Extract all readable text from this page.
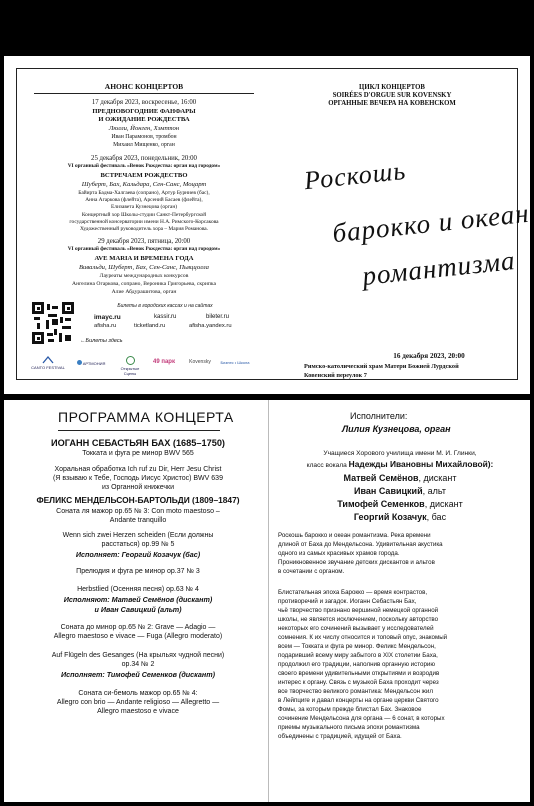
АНОНС КОНЦЕРТОВ
17 декабря 2023, воскресенье, 16:00
ПРЕДНОВОГОДНИЕ ФАНФАРЫ
И ОЖИДАНИЕ РОЖДЕСТВА
Люлли, Йонген, Хэмптон
Иван Парамонов, тромбон
Михаил Мищенко, орган
25 декабря 2023, понедельник, 20:00
VI органный фестиваль «Венок Рождества: орган над городом»
ВСТРЕЧАЕМ РОЖДЕСТВО
Шуберт, Бах, Кальдара, Сен-Санс, Моцарт
Байирта Бадма-Халгаева (сопрано), Артур Бурниев (бас),
Анна Агаркова (флейта), Арсений Басаев (флейта),
Елизавета Кузнецова (орган)
Концертный хор Школы-студии Санкт-Петербургской
государственной консерватории имени Н.А. Римского-Корсакова
Художественный руководитель хора – Мария Романова.
29 декабря 2023, пятница, 20:00
VI органный фестиваль «Венок Рождества: орган над городом»
AVE MARIA И ВРЕМЕНА ГОДА
Вивальди, Шуберт, Бах, Сен-Санс, Пьяццолла
Лауреаты международных конкурсов
Ангелина Огаркова, сопрано, Вероника Григорьева, скрипка
Алие Абдурашитова, орган
Билеты в городских кассах и на сайтах
imayc.ru	kassir.ru	bileter.ru
afisha.ru	ticketland.ru	afisha.yandex.ru
←Билеты здесь

CANTO FESTIVAL
АРТМОНИЯ

Открытые Сцены
49 парк	Kovensky	Бизнес • Школа
ЦИКЛ КОНЦЕРТОВ
SOIRÉES D'ORGUE SUR KOVENSKY
ОРГАННЫЕ ВЕЧЕРА НА КОВЕНСКОМ
Роскошь
барокко и океан
романтизма
16 декабря 2023, 20:00
Римско-католический храм Матери Божией Лурдской
Ковенский переулок 7
ПРОГРАММА КОНЦЕРТА
ИОГАНН СЕБАСТЬЯН БАХ (1685–1750)
Токката и фуга ре минор BWV 565
Хоральная обработка Ich ruf zu Dir, Herr Jesu Christ
(Я взываю к Тебе, Господь Иисус Христос) BWV 639
из Органной книжечки
ФЕЛИКС МЕНДЕЛЬСОН-БАРТОЛЬДИ (1809–1847)
Соната ля мажор ор.65 № 3: Con moto maestoso –
Andante tranquillo
Wenn sich zwei Herzen scheiden (Если должны
расстаться) ор.99 № 5
Исполняет: Георгий Козачук (бас)
Прелюдия и фуга ре минор ор.37 № 3
Herbstlied (Осенняя песня) ор.63 № 4
Исполняют: Матвей Семёнов (дискант)
и Иван Савицкий (альт)
Соната до минор ор.65 № 2: Grave — Adagio —
Allegro maestoso e vivace — Fuga (Allegro moderato)
Auf Flügeln des Gesanges (На крыльях чудной песни)
ор.34 № 2
Исполняет: Тимофей Семенков (дискант)
Соната си-бемоль мажор ор.65 № 4:
Allegro con brio — Andante religioso — Allegretto —
Allegro maestoso e vivace
Исполнители:
Лилия Кузнецова, орган
Учащиеся Хорового училища имени М. И. Глинки,
класс вокала Надежды Ивановны Михайловой):
Матвей Семёнов, дискант
Иван Савицкий, альт
Тимофей Семенков, дискант
Георгий Козачук, бас
Роскошь барокко и океан романтизма. Река времени
длиной от Баха до Мендельсона. Удивительная акустика
одного из самых красивых храмов города.
Проникновенное звучание детских дискантов и альтов
в сочетании с органом.
Блистательная эпоха Барокко — время контрастов,
противоречий и загадок. Иоганн Себастьян Бах,
чьё творчество признано вершиной немецкой органной
школы, не является исключением, поскольку авторство
некоторых его сочинений вызывает у исследователей
сомнения. К их числу относится и топовый опус, знакомый
всем — Токката и фуга ре минор. Феликс Мендельсон,
подаривший всему миру забытого в XIX столетии Баха,
продолжил его традиции, наполнив органную историю
своего времени удивительными открытиями и возродив
интерес к органу. Связь с музыкой Баха проходит через
все творчество великого романтика: Мендельсон жил
в Лейпциге и давал концерты на органе церкви Святого
Фомы, за которым прежде блистал Бах. Знаковое
сочинение Мендельсона для органа — 6 сонат, в которых
приемы музыкального письма эпохи романтизма
объединены с традицией, идущей от Баха.
